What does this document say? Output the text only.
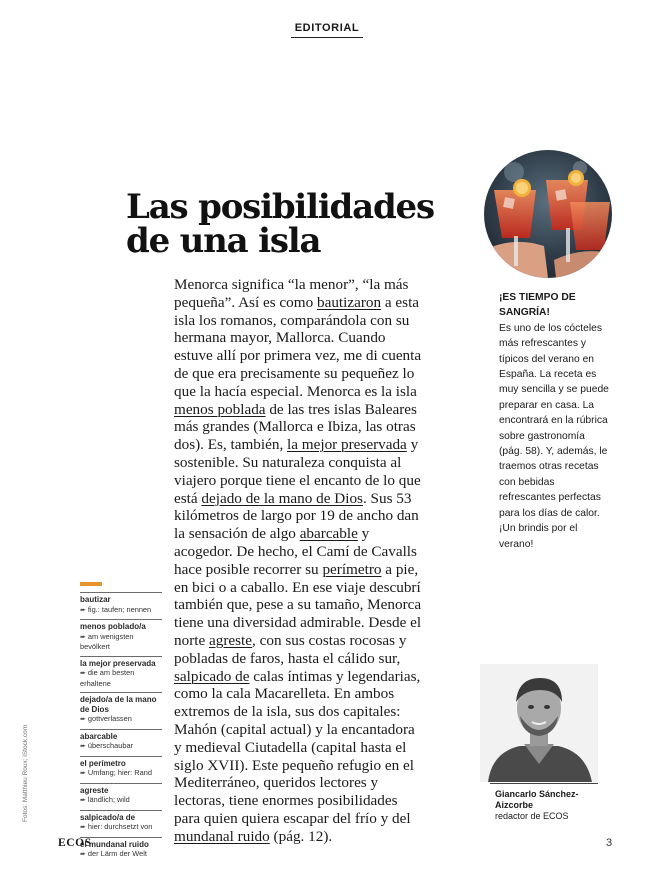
EDITORIAL
Las posibilidades
de una isla

Menorca significa “la menor”, “la más pequeña”. Así es como bautizaron a esta isla los romanos, comparándola con su hermana mayor, Mallorca. Cuando estuve allí por primera vez, me di cuenta de que era precisamente su pequeñez lo que la hacía especial. Menorca es la isla menos poblada de las tres islas Baleares más grandes (Mallorca e Ibiza, las otras dos). Es, también, la mejor preservada y sostenible. Su naturaleza conquista al viajero porque tiene el encanto de lo que está dejado de la mano de Dios. Sus 53 kilómetros de largo por 19 de ancho dan la sensación de algo abarcable y acogedor. De hecho, el Camí de Cavalls hace posible recorrer su perímetro a pie, en bici o a caballo. En ese viaje descubrí también que, pese a su tamaño, Menorca tiene una diversidad admirable. Desde el norte agreste, con sus costas rocosas y pobladas de faros, hasta el cálido sur, salpicado de calas íntimas y legendarias, como la cala Macarelleta. En ambos extremos de la isla, sus dos capitales: Mahón (capital actual) y la encantadora y medieval Ciutadella (capital hasta el siglo XVII). Este pequeño refugio en el Mediterráneo, queridos lectores y lectoras, tiene enormes posibilidades para quien quiera escapar del frío y del mundanal ruido (pág. 12).

¡ES TIEMPO DE SANGRÍA!
Es uno de los cócteles más refrescantes y típicos del verano en España. La receta es muy sencilla y se puede preparar en casa. La encontrará en la rúbrica sobre gastronomía (pág. 58). Y, además, le traemos otras recetas con bebidas refrescantes perfectas para los días de calor. ¡Un brindis por el verano!
bautizar
➨ fig.: taufen; nennen
menos poblado/a
➨ am wenigsten bevölkert
la mejor preservada
➨ die am besten erhaltene
dejado/a de la mano de Dios
➨ gottverlassen
abarcable
➨ überschaubar
el perímetro
➨ Umfang; hier: Rand
agreste
➨ ländlich; wild
salpicado/a de
➨ hier: durchsetzt von
el mundanal ruido
➨ der Lärm der Welt
Fotos: Matthieu Roux; iStock.com	Giancarlo Sánchez-Aizcorbe
redactor de ECOS
ECOS	3
